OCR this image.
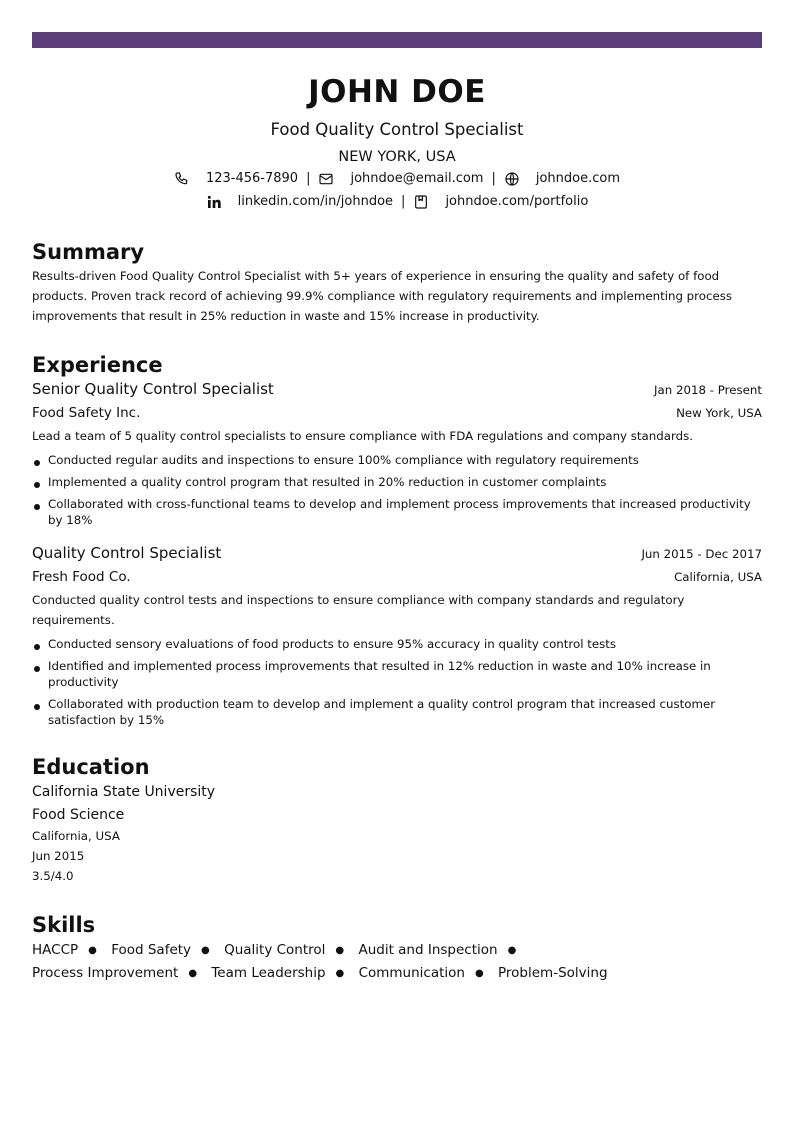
JOHN DOE
Food Quality Control Specialist
NEW YORK, USA
123-456-7890 |	johndoe@email.com |	johndoe.com
linkedin.com/in/johndoe |	johndoe.com/portfolio
Summary
Results-driven Food Quality Control Specialist with 5+ years of experience in ensuring the quality and safety of food products. Proven track record of achieving 99.9% compliance with regulatory requirements and implementing process improvements that result in 25% reduction in waste and 15% increase in productivity.
Experience
Senior Quality Control Specialist	Jan 2018 - Present
Food Safety Inc.	New York, USA
Lead a team of 5 quality control specialists to ensure compliance with FDA regulations and company standards.
Conducted regular audits and inspections to ensure 100% compliance with regulatory requirements
Implemented a quality control program that resulted in 20% reduction in customer complaints
Collaborated with cross-functional teams to develop and implement process improvements that increased productivity by 18%
Quality Control Specialist	Jun 2015 - Dec 2017
Fresh Food Co.	California, USA
Conducted quality control tests and inspections to ensure compliance with company standards and regulatory requirements.
Conducted sensory evaluations of food products to ensure 95% accuracy in quality control tests
Identified and implemented process improvements that resulted in 12% reduction in waste and 10% increase in productivity
Collaborated with production team to develop and implement a quality control program that increased customer satisfaction by 15%
Education
California State University
Food Science
California, USA
Jun 2015
3.5/4.0
Skills
HACCP ● Food Safety ● Quality Control ● Audit and Inspection ● Process Improvement ● Team Leadership ● Communication ● Problem-Solving
